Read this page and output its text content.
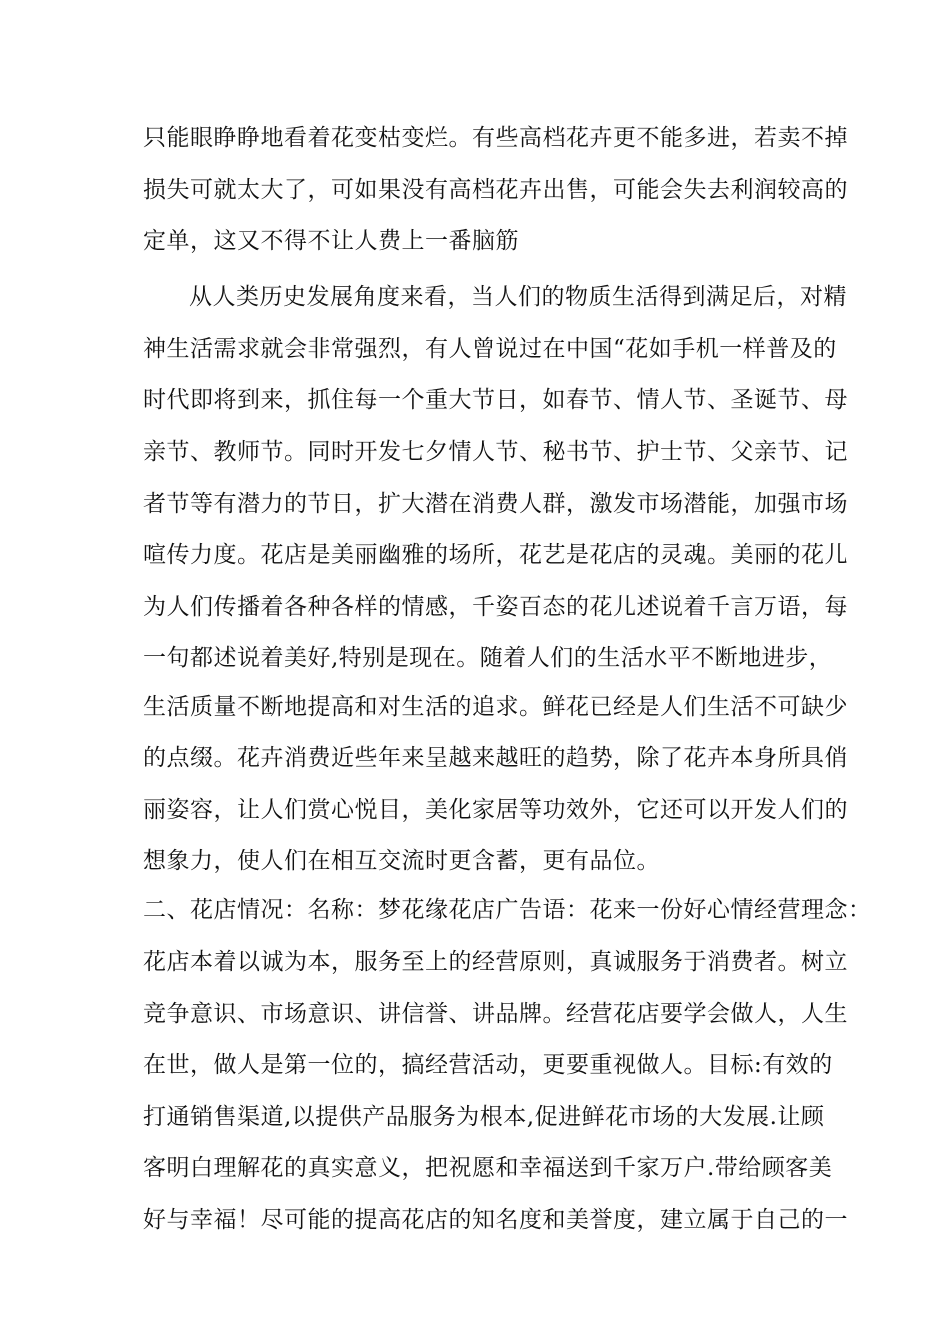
只能眼睁睁地看着花变枯变烂。有些高档花卉更不能多进，若卖不掉
损失可就太大了，可如果没有高档花卉出售，可能会失去利润较高的
定单，这又不得不让人费上一番脑筋
从人类历史发展角度来看，当人们的物质生活得到满足后，对精
神生活需求就会非常强烈，有人曾说过在中国“花如手机一样普及的
时代即将到来，抓住每一个重大节日，如春节、情人节、圣诞节、母
亲节、教师节。同时开发七夕情人节、秘书节、护士节、父亲节、记
者节等有潜力的节日，扩大潜在消费人群，激发市场潜能，加强市场
喧传力度。花店是美丽幽雅的场所，花艺是花店的灵魂。美丽的花儿
为人们传播着各种各样的情感，千姿百态的花儿述说着千言万语，每
一句都述说着美好,特别是现在。随着人们的生活水平不断地进步，
生活质量不断地提高和对生活的追求。鲜花已经是人们生活不可缺少
的点缀。花卉消费近些年来呈越来越旺的趋势，除了花卉本身所具俏
丽姿容，让人们赏心悦目，美化家居等功效外，它还可以开发人们的
想象力，使人们在相互交流时更含蓄，更有品位。
二、花店情况：名称：梦花缘花店广告语：花来一份好心情经营理念：
花店本着以诚为本，服务至上的经营原则，真诚服务于消费者。树立
竞争意识、市场意识、讲信誉、讲品牌。经营花店要学会做人，人生
在世，做人是第一位的，搞经营活动，更要重视做人。目标:有效的
打通销售渠道,以提供产品服务为根本,促进鲜花市场的大发展.让顾
客明白理解花的真实意义，把祝愿和幸福送到千家万户.带给顾客美
好与幸福！尽可能的提高花店的知名度和美誉度，建立属于自己的一
